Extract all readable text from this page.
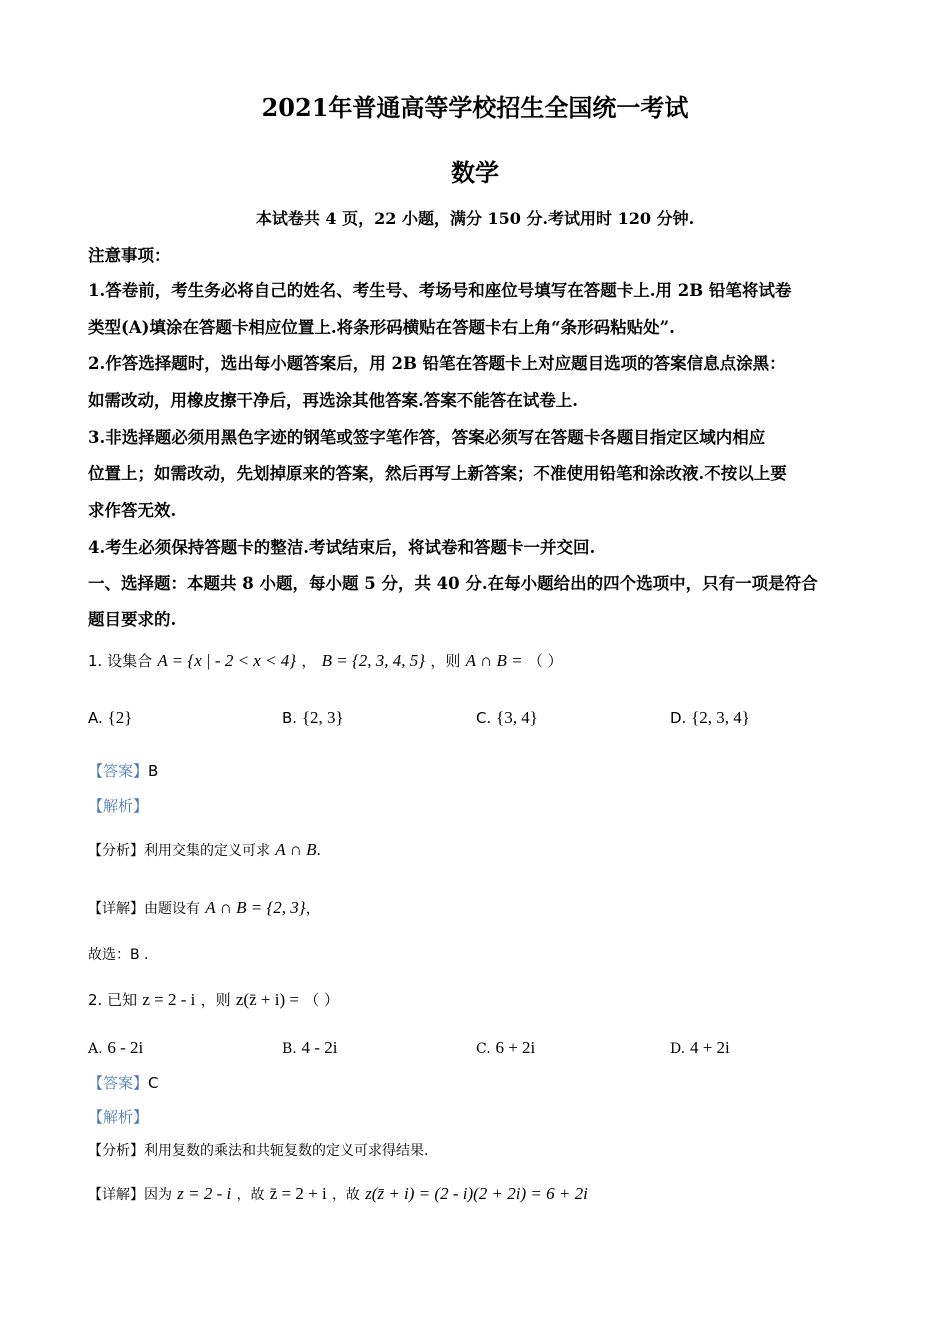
2021年普通高等学校招生全国统一考试
数学
本试卷共 4 页，22 小题，满分 150 分.考试用时 120 分钟.
注意事项：
1.答卷前，考生务必将自己的姓名、考生号、考场号和座位号填写在答题卡上.用 2B 铅笔将试卷
类型(A)填涂在答题卡相应位置上.将条形码横贴在答题卡右上角“条形码粘贴处”.
2.作答选择题时，选出每小题答案后，用 2B 铅笔在答题卡上对应题目选项的答案信息点涂黑：
如需改动，用橡皮擦干净后，再选涂其他答案.答案不能答在试卷上.
3.非选择题必须用黑色字迹的钢笔或签字笔作答，答案必须写在答题卡各题目指定区域内相应
位置上；如需改动，先划掉原来的答案，然后再写上新答案；不准使用铅笔和涂改液.不按以上要
求作答无效.
4.考生必须保持答题卡的整洁.考试结束后，将试卷和答题卡一并交回.
一、选择题：本题共 8 小题，每小题 5 分，共 40 分.在每小题给出的四个选项中，只有一项是符合
题目要求的.
1. 设集合 A = {x | - 2 < x < 4} ， B = {2, 3, 4, 5} ，则 A ∩ B = （ ）
A. {2}	B. {2, 3}	C. {3, 4}	D. {2, 3, 4}
【答案】B
【解析】
【分析】利用交集的定义可求 A ∩ B.
【详解】由题设有 A ∩ B = {2, 3}，
故选：B .
2. 已知 z = 2 - i ，则 z(z̄ + i) = （ ）
A. 6 - 2i	B. 4 - 2i	C. 6 + 2i	D. 4 + 2i
【答案】C
【解析】
【分析】利用复数的乘法和共轭复数的定义可求得结果.
【详解】因为 z = 2 - i ，故 z̄ = 2 + i ，故 z(z̄ + i) = (2 - i)(2 + 2i) = 6 + 2i
